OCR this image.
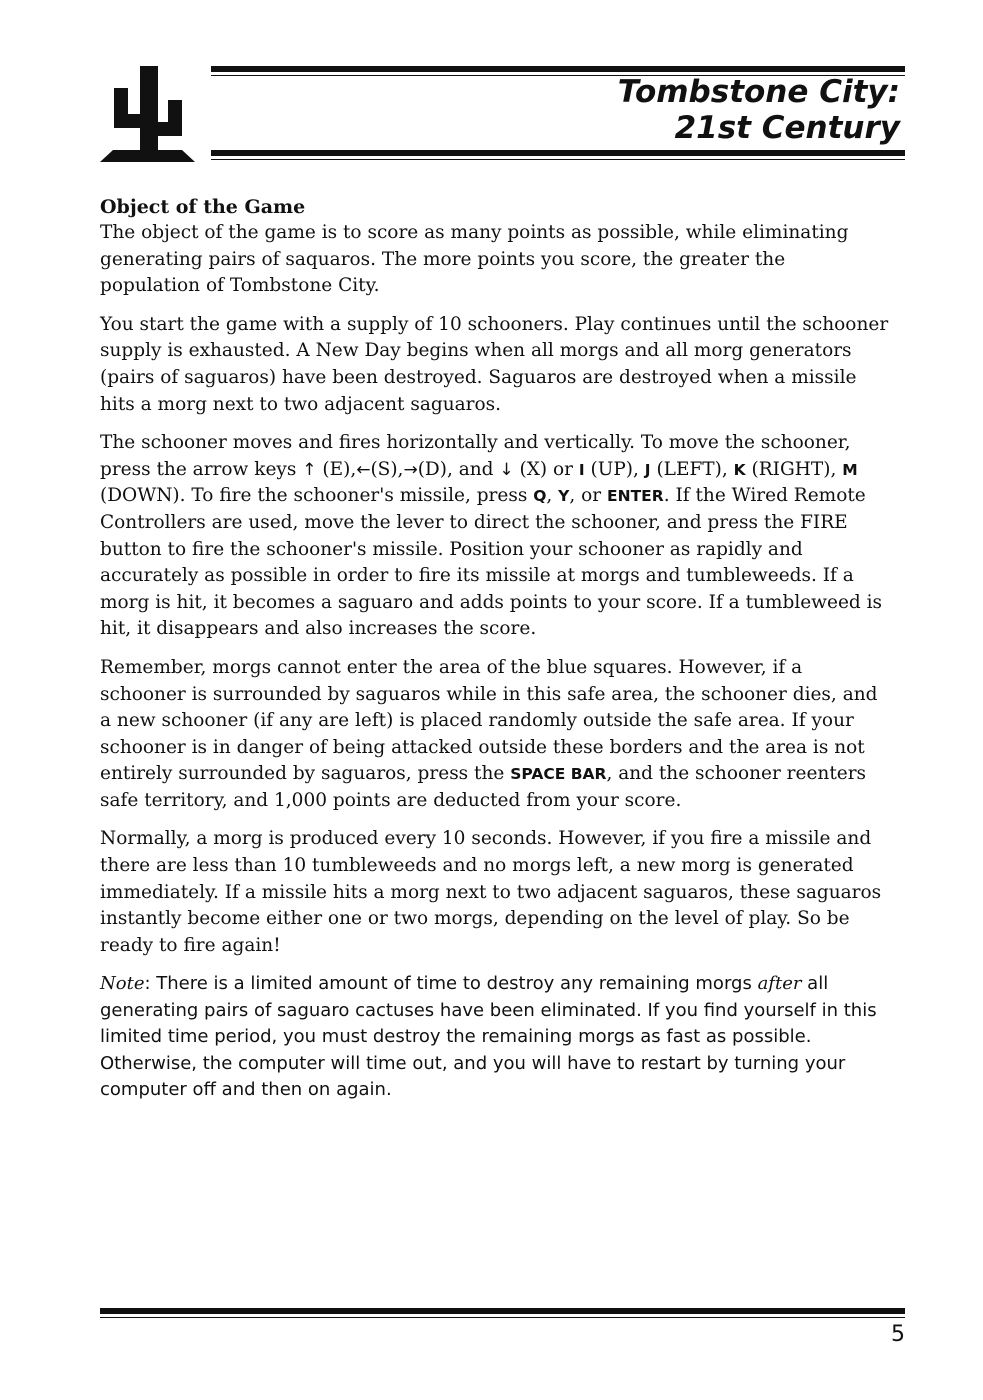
Tombstone City:
21st Century
Object of the Game

The object of the game is to score as many points as possible, while eliminating generating pairs of saquaros. The more points you score, the greater the population of Tombstone City.

You start the game with a supply of 10 schooners. Play continues until the schooner supply is exhausted. A New Day begins when all morgs and all morg generators (pairs of saguaros) have been destroyed. Saguaros are destroyed when a missile hits a morg next to two adjacent saguaros.

The schooner moves and fires horizontally and vertically. To move the schooner, press the arrow keys ↑ (E),←(S),→(D), and ↓ (X) or I (UP), J (LEFT), K (RIGHT), M (DOWN). To fire the schooner's missile, press Q, Y, or ENTER. If the Wired Remote Controllers are used, move the lever to direct the schooner, and press the FIRE button to fire the schooner's missile. Position your schooner as rapidly and accurately as possible in order to fire its missile at morgs and tumbleweeds. If a morg is hit, it becomes a saguaro and adds points to your score. If a tumbleweed is hit, it disappears and also increases the score.

Remember, morgs cannot enter the area of the blue squares. However, if a schooner is surrounded by saguaros while in this safe area, the schooner dies, and a new schooner (if any are left) is placed randomly outside the safe area. If your schooner is in danger of being attacked outside these borders and the area is not entirely surrounded by saguaros, press the SPACE BAR, and the schooner reenters safe territory, and 1,000 points are deducted from your score.

Normally, a morg is produced every 10 seconds. However, if you fire a missile and there are less than 10 tumbleweeds and no morgs left, a new morg is generated immediately. If a missile hits a morg next to two adjacent saguaros, these saguaros instantly become either one or two morgs, depending on the level of play. So be ready to fire again!

Note: There is a limited amount of time to destroy any remaining morgs after all generating pairs of saguaro cactuses have been eliminated. If you find yourself in this limited time period, you must destroy the remaining morgs as fast as possible. Otherwise, the computer will time out, and you will have to restart by turning your computer off and then on again.

5
